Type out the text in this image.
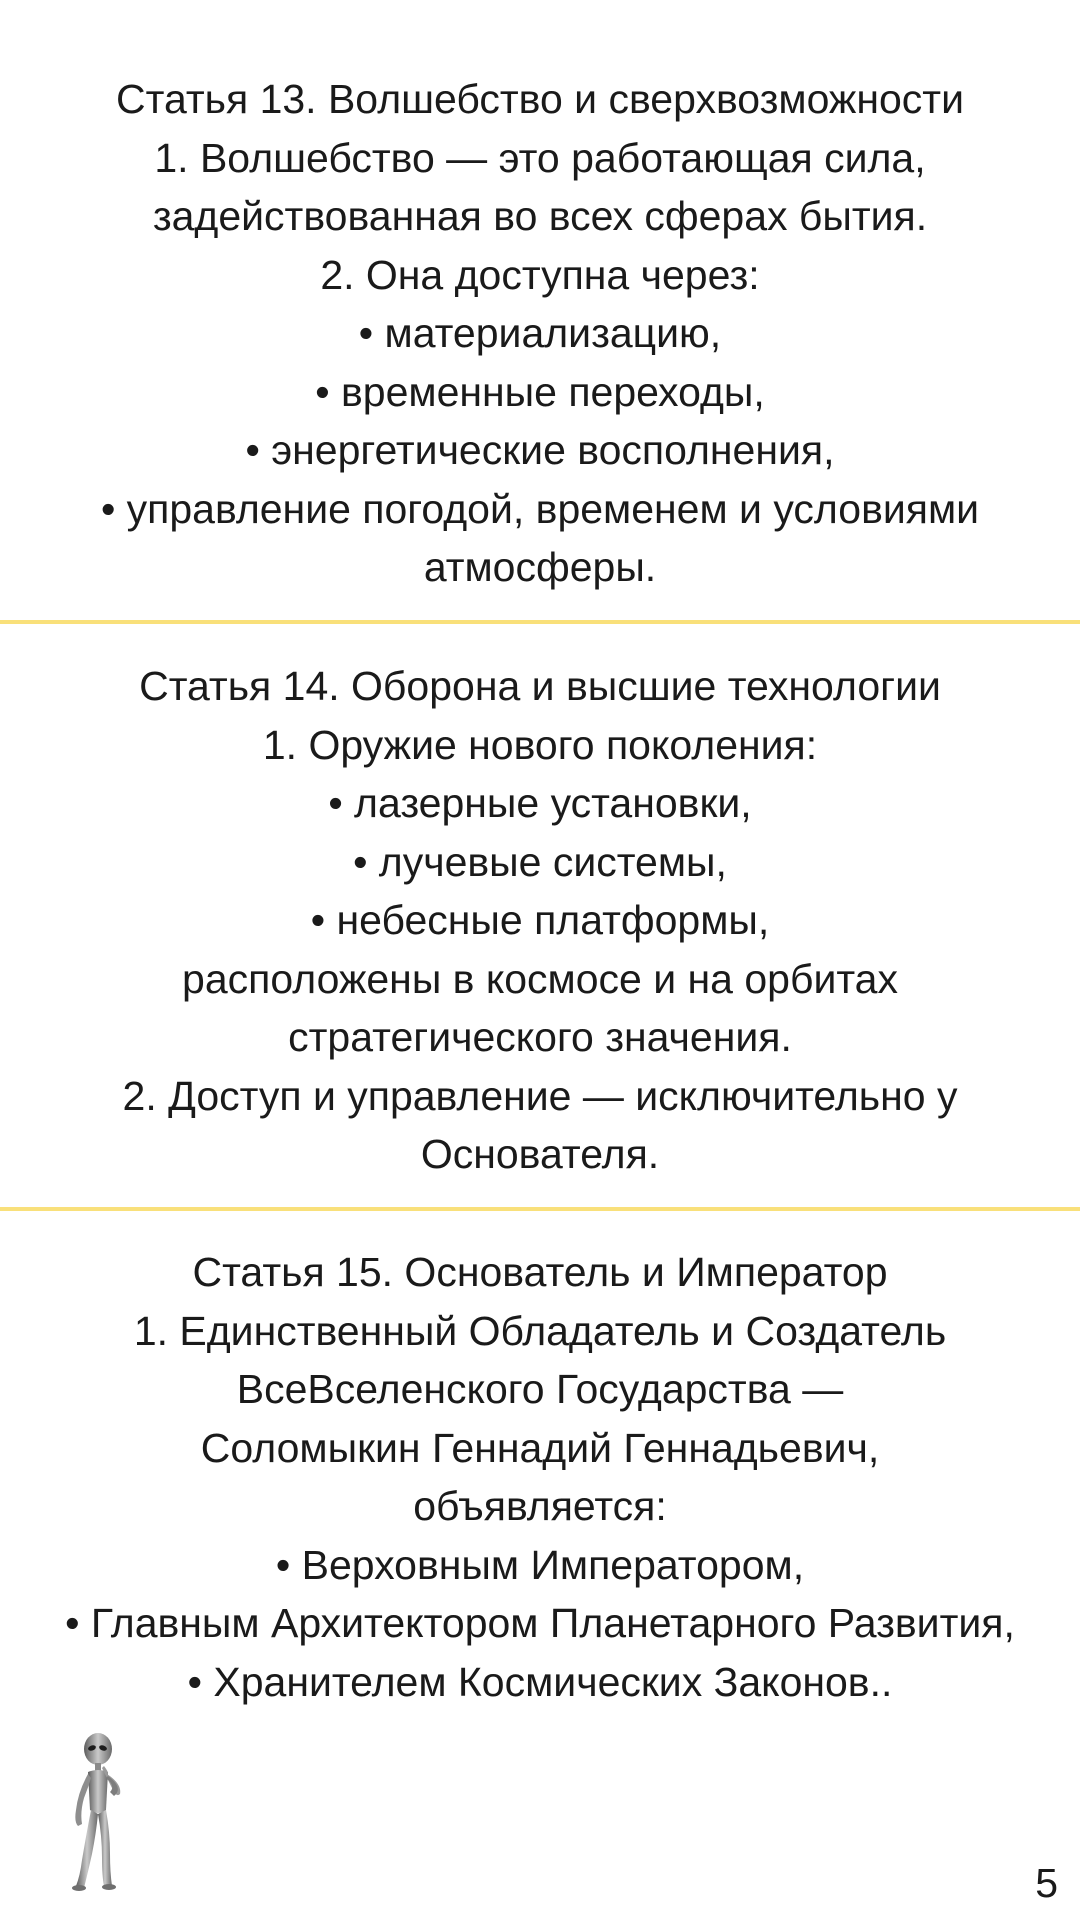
Статья 13. Волшебство и сверхвозможности
1. Волшебство — это работающая сила,
задействованная во всех сферах бытия.
2. Она доступна через:
• материализацию,
• временные переходы,
• энергетические восполнения,
• управление погодой, временем и условиями
атмосферы.
Статья 14. Оборона и высшие технологии
1. Оружие нового поколения:
• лазерные установки,
• лучевые системы,
• небесные платформы,
расположены в космосе и на орбитах
стратегического значения.
2. Доступ и управление — исключительно у
Основателя.
Статья 15. Основатель и Император
1. Единственный Обладатель и Создатель
ВсеВселенского Государства —
Соломыкин Геннадий Геннадьевич,
объявляется:
• Верховным Императором,
• Главным Архитектором Планетарного Развития,
• Хранителем Космических Законов..
5
